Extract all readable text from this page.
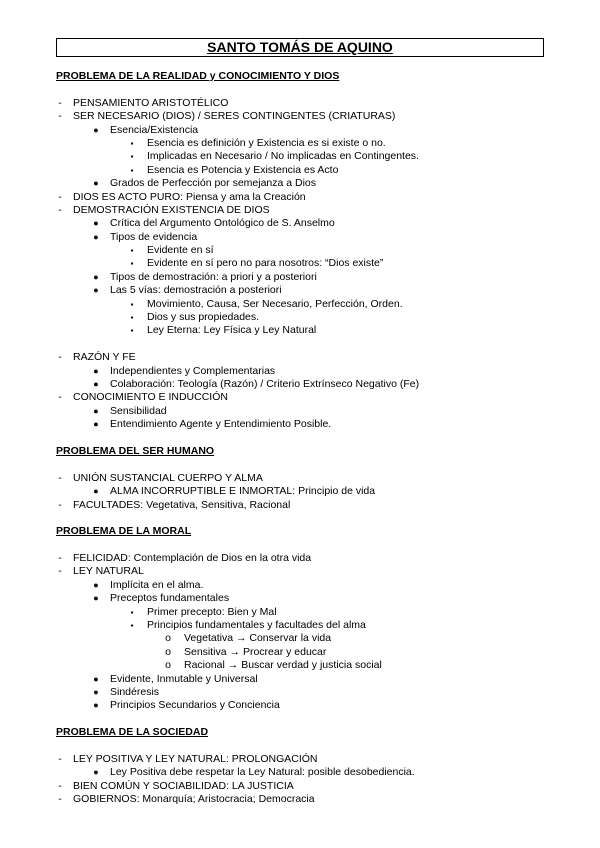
SANTO TOMÁS DE AQUINO
PROBLEMA DE LA REALIDAD y CONOCIMIENTO Y DIOS
- PENSAMIENTO ARISTOTÉLICO
- SER NECESARIO (DIOS) / SERES CONTINGENTES (CRIATURAS)
● Esencia/Existencia
▪ Esencia es definición y Existencia es si existe o no.
▪ Implicadas en Necesario / No implicadas en Contingentes.
▪ Esencia es Potencia y Existencia es Acto
● Grados de Perfección por semejanza a Dios
- DIOS ES ACTO PURO: Piensa y ama la Creación
- DEMOSTRACIÓN EXISTENCIA DE DIOS
● Crítica del Argumento Ontológico de S. Anselmo
● Tipos de evidencia
▪ Evidente en sí
▪ Evidente en sí pero no para nosotros: “Dios existe”
● Tipos de demostración: a priori y a posteriori
● Las 5 vías: demostración a posteriori
▪ Movimiento, Causa, Ser Necesario, Perfección, Orden.
▪ Dios y sus propiedades.
▪ Ley Eterna: Ley Física y Ley Natural
- RAZÓN Y FE
● Independientes y Complementarias
● Colaboración: Teología (Razón) / Criterio Extrínseco Negativo (Fe)
- CONOCIMIENTO E INDUCCIÓN
● Sensibilidad
● Entendimiento Agente y Entendimiento Posible.
PROBLEMA DEL SER HUMANO
- UNIÓN SUSTANCIAL CUERPO Y ALMA
● ALMA INCORRUPTIBLE E INMORTAL: Principio de vida
- FACULTADES: Vegetativa, Sensitiva, Racional
PROBLEMA DE LA MORAL
- FELICIDAD: Contemplación de Dios en la otra vida
- LEY NATURAL
● Implícita en el alma.
● Preceptos fundamentales
▪ Primer precepto: Bien y Mal
▪ Principios fundamentales y facultades del alma
o Vegetativa → Conservar la vida
o Sensitiva → Procrear y educar
o Racional → Buscar verdad y justicia social
● Evidente, Inmutable y Universal
● Sindéresis
● Principios Secundarios y Conciencia
PROBLEMA DE LA SOCIEDAD
- LEY POSITIVA Y LEY NATURAL: PROLONGACIÓN
● Ley Positiva debe respetar la Ley Natural: posible desobediencia.
- BIEN COMÚN Y SOCIABILIDAD: LA JUSTICIA
- GOBIERNOS: Monarquía; Aristocracia; Democracia
